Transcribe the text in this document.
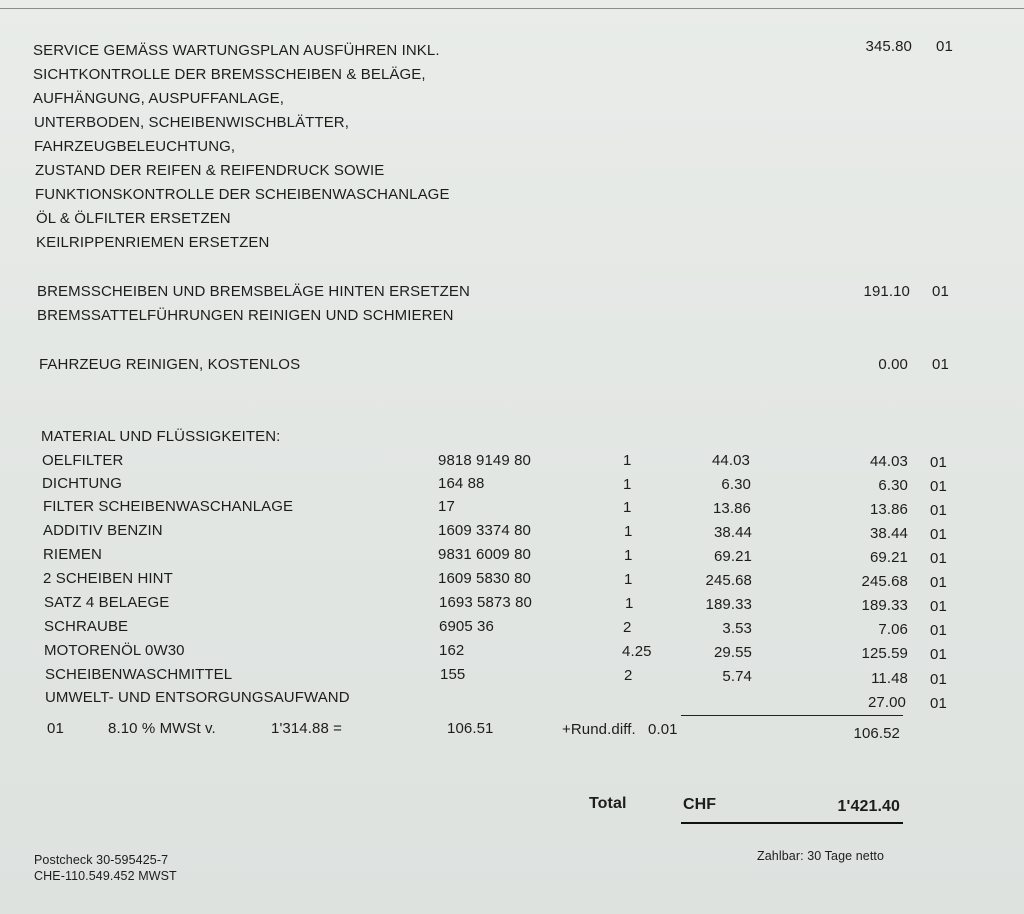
SERVICE GEMÄSS WARTUNGSPLAN AUSFÜHREN INKL.
SICHTKONTROLLE DER BREMSSCHEIBEN & BELÄGE,
AUFHÄNGUNG, AUSPUFFANLAGE,
UNTERBODEN, SCHEIBENWISCHBLÄTTER,
FAHRZEUGBELEUCHTUNG,
ZUSTAND DER REIFEN & REIFENDRUCK SOWIE
FUNKTIONSKONTROLLE DER SCHEIBENWASCHANLAGE
ÖL & ÖLFILTER ERSETZEN
KEILRIPPENRIEMEN ERSETZEN
345.80 01
BREMSSCHEIBEN UND BREMSBELÄGE HINTEN ERSETZEN
BREMSSATTELFÜHRUNGEN REINIGEN UND SCHMIEREN
191.10 01
FAHRZEUG REINIGEN, KOSTENLOS	0.00 01
MATERIAL UND FLÜSSIGKEITEN:
OELFILTER	9818 9149 80	1	44.03	44.03 01
DICHTUNG	164 88	1	6.30	6.30 01
FILTER SCHEIBENWASCHANLAGE	17	1	13.86	13.86 01
ADDITIV BENZIN	1609 3374 80	1	38.44	38.44 01
RIEMEN	9831 6009 80	1	69.21	69.21 01
2 SCHEIBEN HINT	1609 5830 80	1	245.68	245.68 01
SATZ 4 BELAEGE	1693 5873 80	1	189.33	189.33 01
SCHRAUBE	6905 36	2	3.53	7.06 01
MOTORENÖL 0W30	162	4.25	29.55	125.59 01
SCHEIBENWASCHMITTEL	155	2	5.74	11.48 01
UMWELT- UND ENTSORGUNGSAUFWAND	27.00 01
01	8.10 % MWSt v.	1'314.88 =	106.51	+Rund.diff. 0.01	106.52
Total	CHF	1'421.40
Postcheck 30-595425-7
CHE-110.549.452 MWST
Zahlbar: 30 Tage netto
